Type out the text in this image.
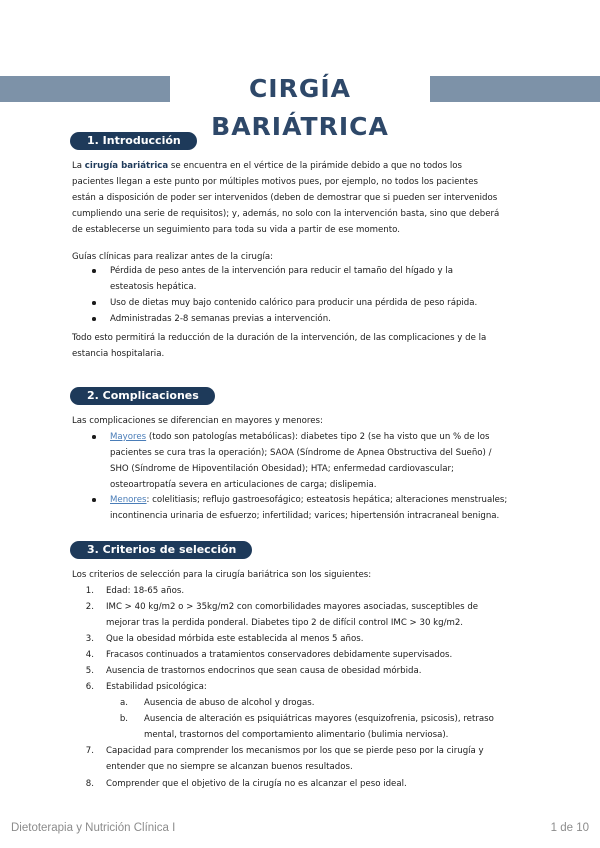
CIRGÍA BARIÁTRICA
1. Introducción
La cirugía bariátrica se encuentra en el vértice de la pirámide debido a que no todos los
pacientes llegan a este punto por múltiples motivos pues, por ejemplo, no todos los pacientes
están a disposición de poder ser intervenidos (deben de demostrar que si pueden ser intervenidos
cumpliendo una serie de requisitos); y, además, no solo con la intervención basta, sino que deberá
de establecerse un seguimiento para toda su vida a partir de ese momento.
Guías clínicas para realizar antes de la cirugía:
Pérdida de peso antes de la intervención para reducir el tamaño del hígado y la
esteatosis hepática.
Uso de dietas muy bajo contenido calórico para producir una pérdida de peso rápida.
Administradas 2-8 semanas previas a intervención.
Todo esto permitirá la reducción de la duración de la intervención, de las complicaciones y de la
estancia hospitalaria.
2. Complicaciones
Las complicaciones se diferencian en mayores y menores:
Mayores (todo son patologías metabólicas): diabetes tipo 2 (se ha visto que un % de los
pacientes se cura tras la operación); SAOA (Síndrome de Apnea Obstructiva del Sueño) /
SHO (Síndrome de Hipoventilación Obesidad); HTA; enfermedad cardiovascular;
osteoartropatía severa en articulaciones de carga; dislipemia.
Menores: colelitiasis; reflujo gastroesofágico; esteatosis hepática; alteraciones menstruales;
incontinencia urinaria de esfuerzo; infertilidad; varices; hipertensión intracraneal benigna.
3. Criterios de selección
Los criterios de selección para la cirugía bariátrica son los siguientes:
1. Edad: 18-65 años.
2. IMC > 40 kg/m2 o > 35kg/m2 con comorbilidades mayores asociadas, susceptibles de
mejorar tras la perdida ponderal. Diabetes tipo 2 de difícil control IMC > 30 kg/m2.
3. Que la obesidad mórbida este establecida al menos 5 años.
4. Fracasos continuados a tratamientos conservadores debidamente supervisados.
5. Ausencia de trastornos endocrinos que sean causa de obesidad mórbida.
6. Estabilidad psicológica:
a. Ausencia de abuso de alcohol y drogas.
b. Ausencia de alteración es psiquiátricas mayores (esquizofrenia, psicosis), retraso
mental, trastornos del comportamiento alimentario (bulimia nerviosa).
7. Capacidad para comprender los mecanismos por los que se pierde peso por la cirugía y
entender que no siempre se alcanzan buenos resultados.
8. Comprender que el objetivo de la cirugía no es alcanzar el peso ideal.
Dietoterapia y Nutrición Clínica I	1 de 10
